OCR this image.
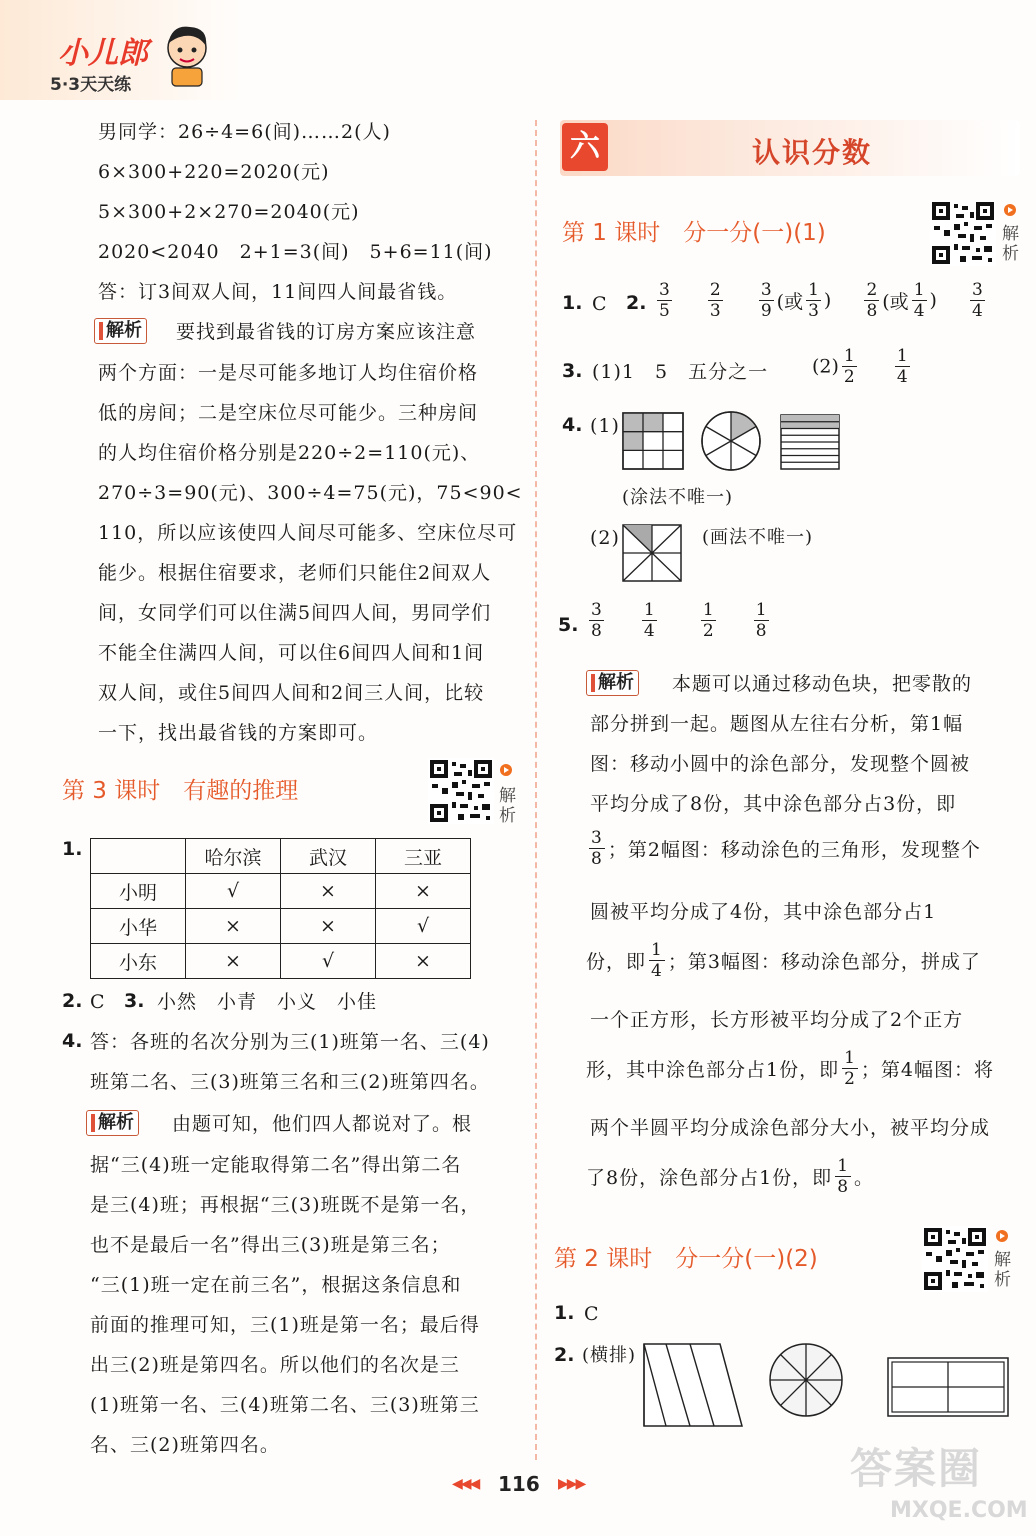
小儿郎
5·3天天练
男同学：26÷4=6(间)……2(人)
6×300+220=2020(元)
5×300+2×270=2040(元)
2020<2040　2+1=3(间)　5+6=11(间)
答：订3间双人间，11间四人间最省钱。
解析 要找到最省钱的订房方案应该注意
两个方面：一是尽可能多地订人均住宿价格
低的房间；二是空床位尽可能少。三种房间
的人均住宿价格分别是220÷2=110(元)、
270÷3=90(元)、300÷4=75(元)，75<90<
110，所以应该使四人间尽可能多、空床位尽可
能少。根据住宿要求，老师们只能住2间双人
间，女同学们可以住满5间四人间，男同学们
不能全住满四人间，可以住6间四人间和1间
双人间，或住5间四人间和2间三人间，比较
一下，找出最省钱的方案即可。
第 3 课时　有趣的推理	解析
1.
		哈尔滨	武汉	三亚
小明	√	×	×
小华	×	×	√
小东	×	√	×
2. C 3. 小然　小青　小义　小佳
4. 答：各班的名次分别为三(1)班第一名、三(4)
班第二名、三(3)班第三名和三(2)班第四名。
解析 由题可知，他们四人都说对了。根
据“三(4)班一定能取得第二名”得出第二名
是三(4)班；再根据“三(3)班既不是第一名，
也不是最后一名”得出三(3)班是第三名；
“三(1)班一定在前三名”，根据这条信息和
前面的推理可知，三(1)班是第一名；最后得
出三(2)班是第四名。所以他们的名次是三
(1)班第一名、三(4)班第二名、三(3)班第三
名、三(2)班第四名。
六	认识分数
第 1 课时　分一分(一)(1)	解析
1. C 2. $\frac{3}{5}$
$\frac{2}{3}$
$\frac{3}{9}$ (或 $\frac{1}{3}$ ) $\frac{2}{8}$ (或 $\frac{1}{4}$ ) $\frac{3}{4}$
3. (1)1　5　五分之一 $(2) \frac{1}{2}$
$\frac{1}{4}$
4. (1)
(涂法不唯一)
(2)	(画法不唯一)
5. $\frac{3}{8}$
$\frac{1}{4}$
	$\frac{1}{2}$
$\frac{1}{8}$
解析 本题可以通过移动色块，把零散的
部分拼到一起。题图从左往右分析，第1幅
图：移动小圆中的涂色部分，发现整个圆被
平均分成了8份，其中涂色部分占3份，即
$\frac{3}{8}$ ；第2幅图：移动涂色的三角形，发现整个
圆被平均分成了4份，其中涂色部分占1
份，即 $\frac{1}{4}$ ；第3幅图：移动涂色部分，拼成了
一个正方形，长方形被平均分成了2个正方
形，其中涂色部分占1份，即 $\frac{1}{2}$ ；第4幅图：将
两个半圆平均分成涂色部分大小，被平均分成
了8份，涂色部分占1份，即 $\frac{1}{8}$ 。
第 2 课时　分一分(一)(2)	解析
1. C
2. (横排)
◀◀◀ 116 ▶▶▶	答案圈
MXQE.COM
